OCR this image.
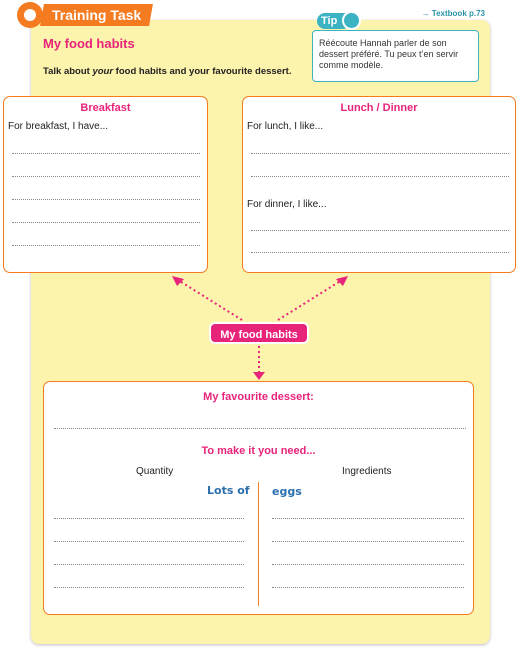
Training Task	→ Textbook p.73
My food habits
Talk about your food habits and your favourite dessert.
Réécoute Hannah parler de son dessert préféré. Tu peux t’en servir comme modèle.
Tip
Breakfast
For breakfast, I have...
Lunch / Dinner
For lunch, I like...
For dinner, I like...
My food habits
My favourite dessert:
To make it you need...
Quantity	Ingredients
Lots of eggs
